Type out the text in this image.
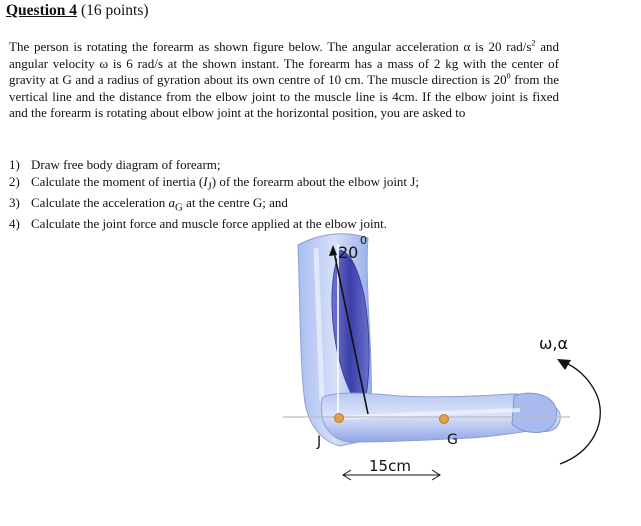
Question 4 (16 points)

The person is rotating the forearm as shown figure below. The angular acceleration α is 20 rad/$s^2$ and angular velocity ω is 6 rad/s at the shown instant. The forearm has a mass of 2 kg with the center of gravity at G and a radius of gyration about its own centre of 10 cm. The muscle direction is $20^0$ from the vertical line and the distance from the elbow joint to the muscle line is 4cm. If the elbow joint is fixed and the forearm is rotating about elbow joint at the horizontal position, you are asked to

1) Draw free body diagram of forearm;
2) Calculate the moment of inertia $(I_J)$ of the forearm about the elbow joint J;
3) Calculate the acceleration $a_G$ at the centre G; and
4) Calculate the joint force and muscle force applied at the elbow joint.
20
0
J	G
15cm
ω,α
